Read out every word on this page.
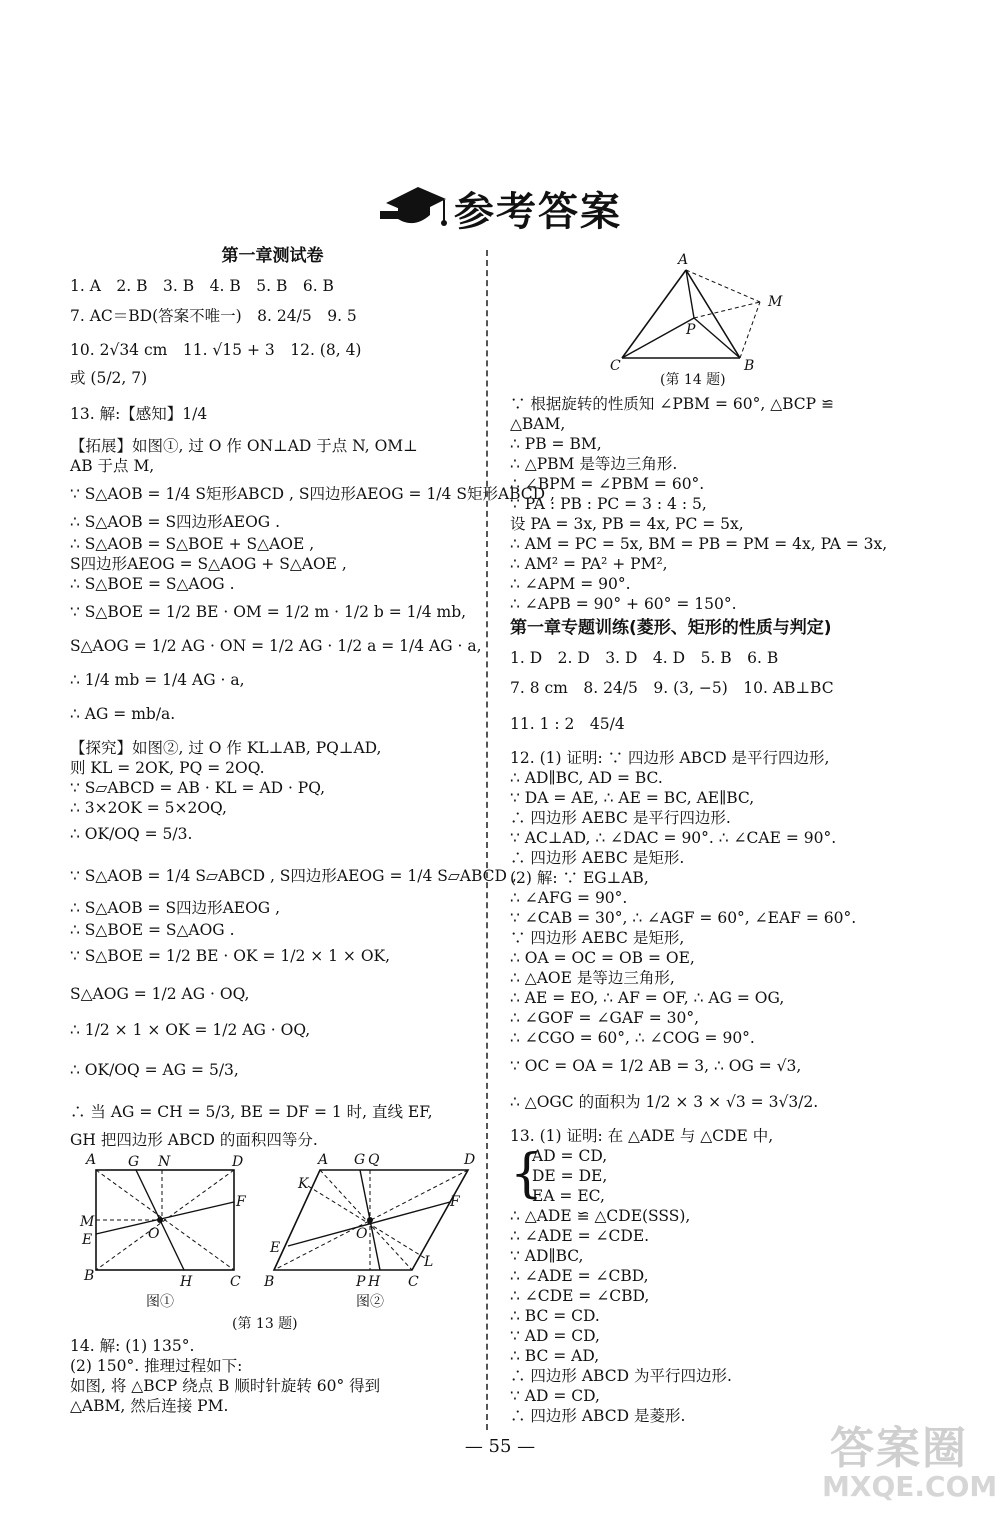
参考答案
第一章测试卷
1. A　2. B　3. B　4. B　5. B　6. B
7. AC＝BD(答案不唯一)　8. 24/5　9. 5
10. 2√34 cm　11. √15 + 3　12. (8, 4)
或 (5/2, 7)
13. 解:【感知】1/4
【拓展】如图①, 过 O 作 ON⊥AD 于点 N, OM⊥
AB 于点 M,
∵ S△AOB = 1/4 S矩形ABCD , S四边形AEOG = 1/4 S矩形ABCD ,
∴ S△AOB = S四边形AEOG .
∴ S△AOB = S△BOE + S△AOE ,
S四边形AEOG = S△AOG + S△AOE ,
∴ S△BOE = S△AOG .
∵ S△BOE = 1/2 BE · OM = 1/2 m · 1/2 b = 1/4 mb,
S△AOG = 1/2 AG · ON = 1/2 AG · 1/2 a = 1/4 AG · a,
∴ 1/4 mb = 1/4 AG · a,
∴ AG = mb/a.
【探究】如图②, 过 O 作 KL⊥AB, PQ⊥AD,
则 KL = 2OK, PQ = 2OQ.
∵ S▱ABCD = AB · KL = AD · PQ,
∴ 3×2OK = 5×2OQ,
∴ OK/OQ = 5/3.
∵ S△AOB = 1/4 S▱ABCD , S四边形AEOG = 1/4 S▱ABCD ,
∴ S△AOB = S四边形AEOG ,
∴ S△BOE = S△AOG .
∵ S△BOE = 1/2 BE · OK = 1/2 × 1 × OK,
S△AOG = 1/2 AG · OQ,
∴ 1/2 × 1 × OK = 1/2 AG · OQ,
∴ OK/OQ = AG = 5/3,
∴ 当 AG = CH = 5/3, BE = DF = 1 时, 直线 EF,
GH 把四边形 ABCD 的面积四等分.
A G N	D
F
M
E	O
B	H	C
图①
A G Q	D
K
F
E
O
L
B	P H C
图②
(第 13 题)
14. 解: (1) 135°.
(2) 150°. 推理过程如下:
如图, 将 △BCP 绕点 B 顺时针旋转 60° 得到
△ABM, 然后连接 PM.
A
M
P
C	B
(第 14 题)
∵ 根据旋转的性质知 ∠PBM = 60°, △BCP ≌
△BAM,
∴ PB = BM,
∴ △PBM 是等边三角形.
∴ ∠BPM = ∠PBM = 60°.
∵ PA : PB : PC = 3 : 4 : 5,
设 PA = 3x, PB = 4x, PC = 5x,
∴ AM = PC = 5x, BM = PB = PM = 4x, PA = 3x,
∴ AM² = PA² + PM²,
∴ ∠APM = 90°.
∴ ∠APB = 90° + 60° = 150°.
第一章专题训练(菱形、矩形的性质与判定)
1. D　2. D　3. D　4. D　5. B　6. B
7. 8 cm　8. 24/5　9. (3, −5)　10. AB⊥BC
11. 1 : 2　45/4
12. (1) 证明: ∵ 四边形 ABCD 是平行四边形,
∴ AD∥BC, AD = BC.
∵ DA = AE, ∴ AE = BC, AE∥BC,
∴ 四边形 AEBC 是平行四边形.
∵ AC⊥AD, ∴ ∠DAC = 90°. ∴ ∠CAE = 90°.
∴ 四边形 AEBC 是矩形.
(2) 解: ∵ EG⊥AB,
∴ ∠AFG = 90°.
∵ ∠CAB = 30°, ∴ ∠AGF = 60°, ∠EAF = 60°.
∵ 四边形 AEBC 是矩形,
∴ OA = OC = OB = OE,
∴ △AOE 是等边三角形,
∴ AE = EO, ∴ AF = OF, ∴ AG = OG,
∴ ∠GOF = ∠GAF = 30°,
∴ ∠CGO = 60°, ∴ ∠COG = 90°.
∵ OC = OA = 1/2 AB = 3, ∴ OG = √3,
∴ △OGC 的面积为 1/2 × 3 × √3 = 3√3/2.
13. (1) 证明: 在 △ADE 与 △CDE 中,
{
AD = CD,
DE = DE,
EA = EC,
∴ △ADE ≌ △CDE(SSS),
∴ ∠ADE = ∠CDE.
∵ AD∥BC,
∴ ∠ADE = ∠CBD,
∴ ∠CDE = ∠CBD,
∴ BC = CD.
∵ AD = CD,
∴ BC = AD,
∴ 四边形 ABCD 为平行四边形.
∵ AD = CD,
∴ 四边形 ABCD 是菱形.
— 55 —	答案圈
MXQE.COM
